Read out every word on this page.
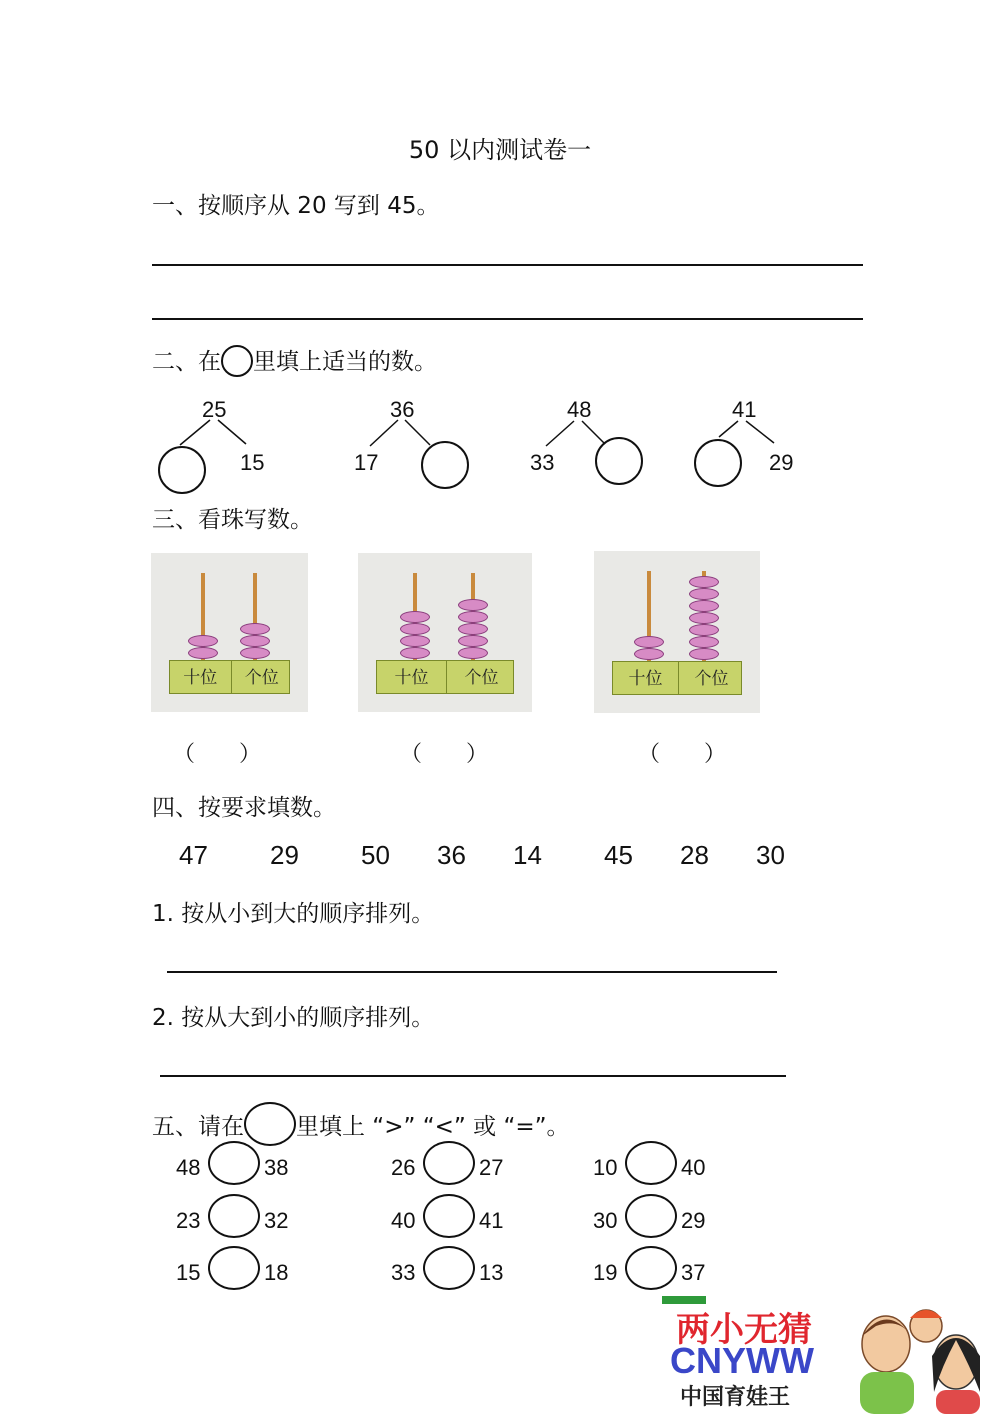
50 以内测试卷一
一、按顺序从 20 写到 45。
二、在 里填上适当的数。
25
15
36
17
48
33
41
29
三、看珠写数。
十位	个位	十位	个位	十位	个位
（　　）	（　　）	（　　）
四、按要求填数。
47 29 50 36 14 45 28 30
1. 按从小到大的顺序排列。
2. 按从大到小的顺序排列。
五、请在 里填上 “>” “<” 或 “=”。
48	38	26	27	10	40
23	32	40	41	30	29
15	18	33	13	19	37
两小无猜
CNYWW
中国育娃王
